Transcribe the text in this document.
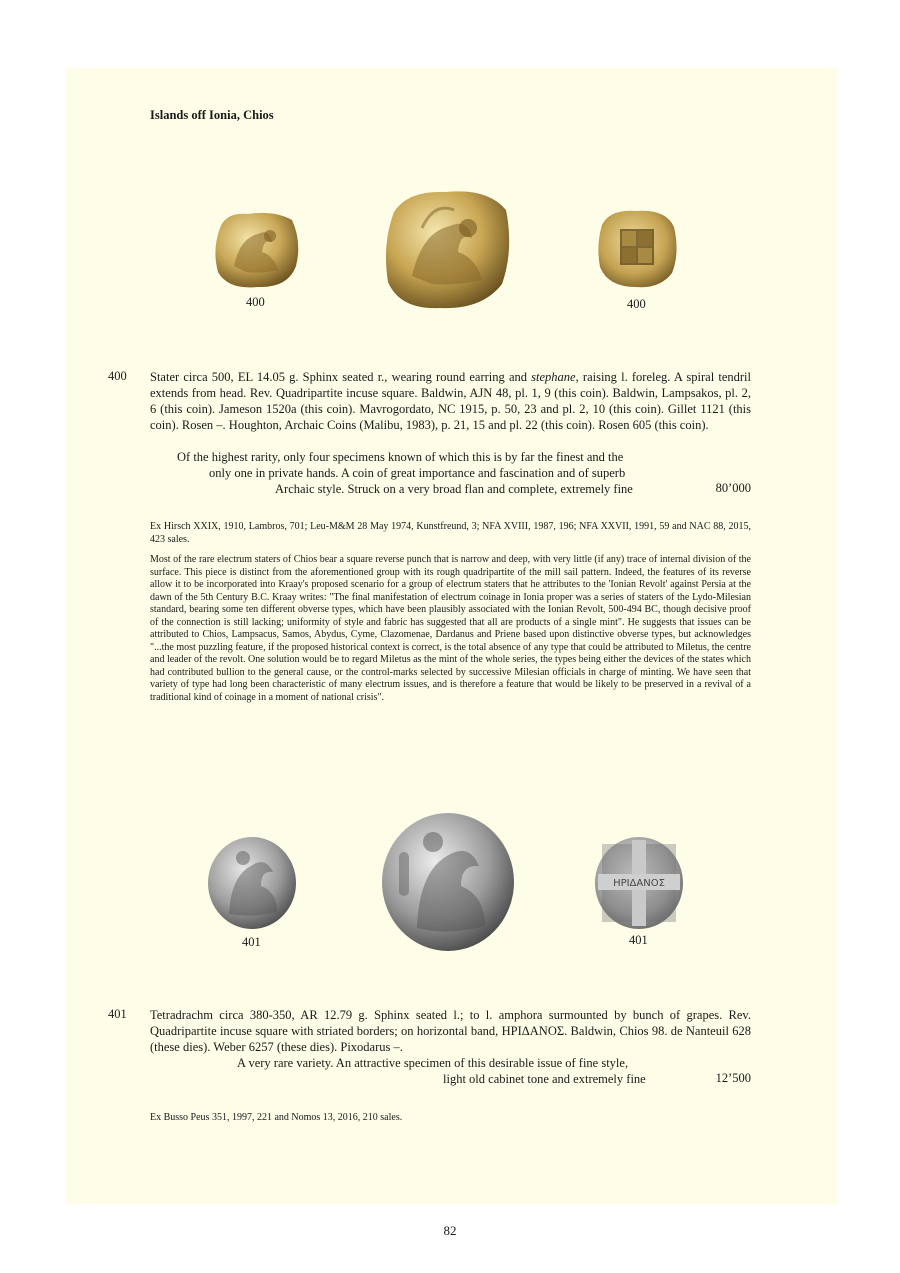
Islands off Ionia, Chios
400	400
400 Stater circa 500, EL 14.05 g. Sphinx seated r., wearing round earring and stephane, raising l. foreleg. A spiral tendril extends from head. Rev. Quadripartite incuse square. Baldwin, AJN 48, pl. 1, 9 (this coin). Baldwin, Lampsakos, pl. 2, 6 (this coin). Jameson 1520a (this coin). Mavrogordato, NC 1915, p. 50, 23 and pl. 2, 10 (this coin). Gillet 1121 (this coin). Rosen –. Houghton, Archaic Coins (Malibu, 1983), p. 21, 15 and pl. 22 (this coin). Rosen 605 (this coin).
Of the highest rarity, only four specimens known of which this is by far the finest and the
only one in private hands. A coin of great importance and fascination and of superb
Archaic style. Struck on a very broad flan and complete, extremely fine	80’000
Ex Hirsch XXIX, 1910, Lambros, 701; Leu-M&M 28 May 1974, Kunstfreund, 3; NFA XVIII, 1987, 196; NFA XXVII, 1991, 59 and NAC 88, 2015, 423 sales.
Most of the rare electrum staters of Chios bear a square reverse punch that is narrow and deep, with very little (if any) trace of internal division of the surface. This piece is distinct from the aforementioned group with its rough quadripartite of the mill sail pattern. Indeed, the features of its reverse allow it to be incorporated into Kraay's proposed scenario for a group of electrum staters that he attributes to the 'Ionian Revolt' against Persia at the dawn of the 5th Century B.C. Kraay writes: "The final manifestation of electrum coinage in Ionia proper was a series of staters of the Lydo-Milesian standard, bearing some ten different obverse types, which have been plausibly associated with the Ionian Revolt, 500-494 BC, though decisive proof of the connection is still lacking; uniformity of style and fabric has suggested that all are products of a single mint". He suggests that issues can be attributed to Chios, Lampsacus, Samos, Abydus, Cyme, Clazomenae, Dardanus and Priene based upon distinctive obverse types, but acknowledges "...the most puzzling feature, if the proposed historical context is correct, is the total absence of any type that could be attributed to Miletus, the centre and leader of the revolt. One solution would be to regard Miletus as the mint of the whole series, the types being either the devices of the states which had contributed bullion to the general cause, or the control-marks selected by successive Milesian officials in charge of minting. We have seen that variety of type had long been characteristic of many electrum issues, and is therefore a feature that would be likely to be preserved in a revival of a traditional kind of coinage in a moment of national crisis".
ΗΡΙΔΑΝΟΣ
401	401
401 Tetradrachm circa 380-350, AR 12.79 g. Sphinx seated l.; to l. amphora surmounted by bunch of grapes. Rev. Quadripartite incuse square with striated borders; on horizontal band, ΗΡΙΔΑΝΟΣ. Baldwin, Chios 98. de Nanteuil 628 (these dies). Weber 6257 (these dies). Pixodarus –.
A very rare variety. An attractive specimen of this desirable issue of fine style,
light old cabinet tone and extremely fine	12’500
Ex Busso Peus 351, 1997, 221 and Nomos 13, 2016, 210 sales.
82
